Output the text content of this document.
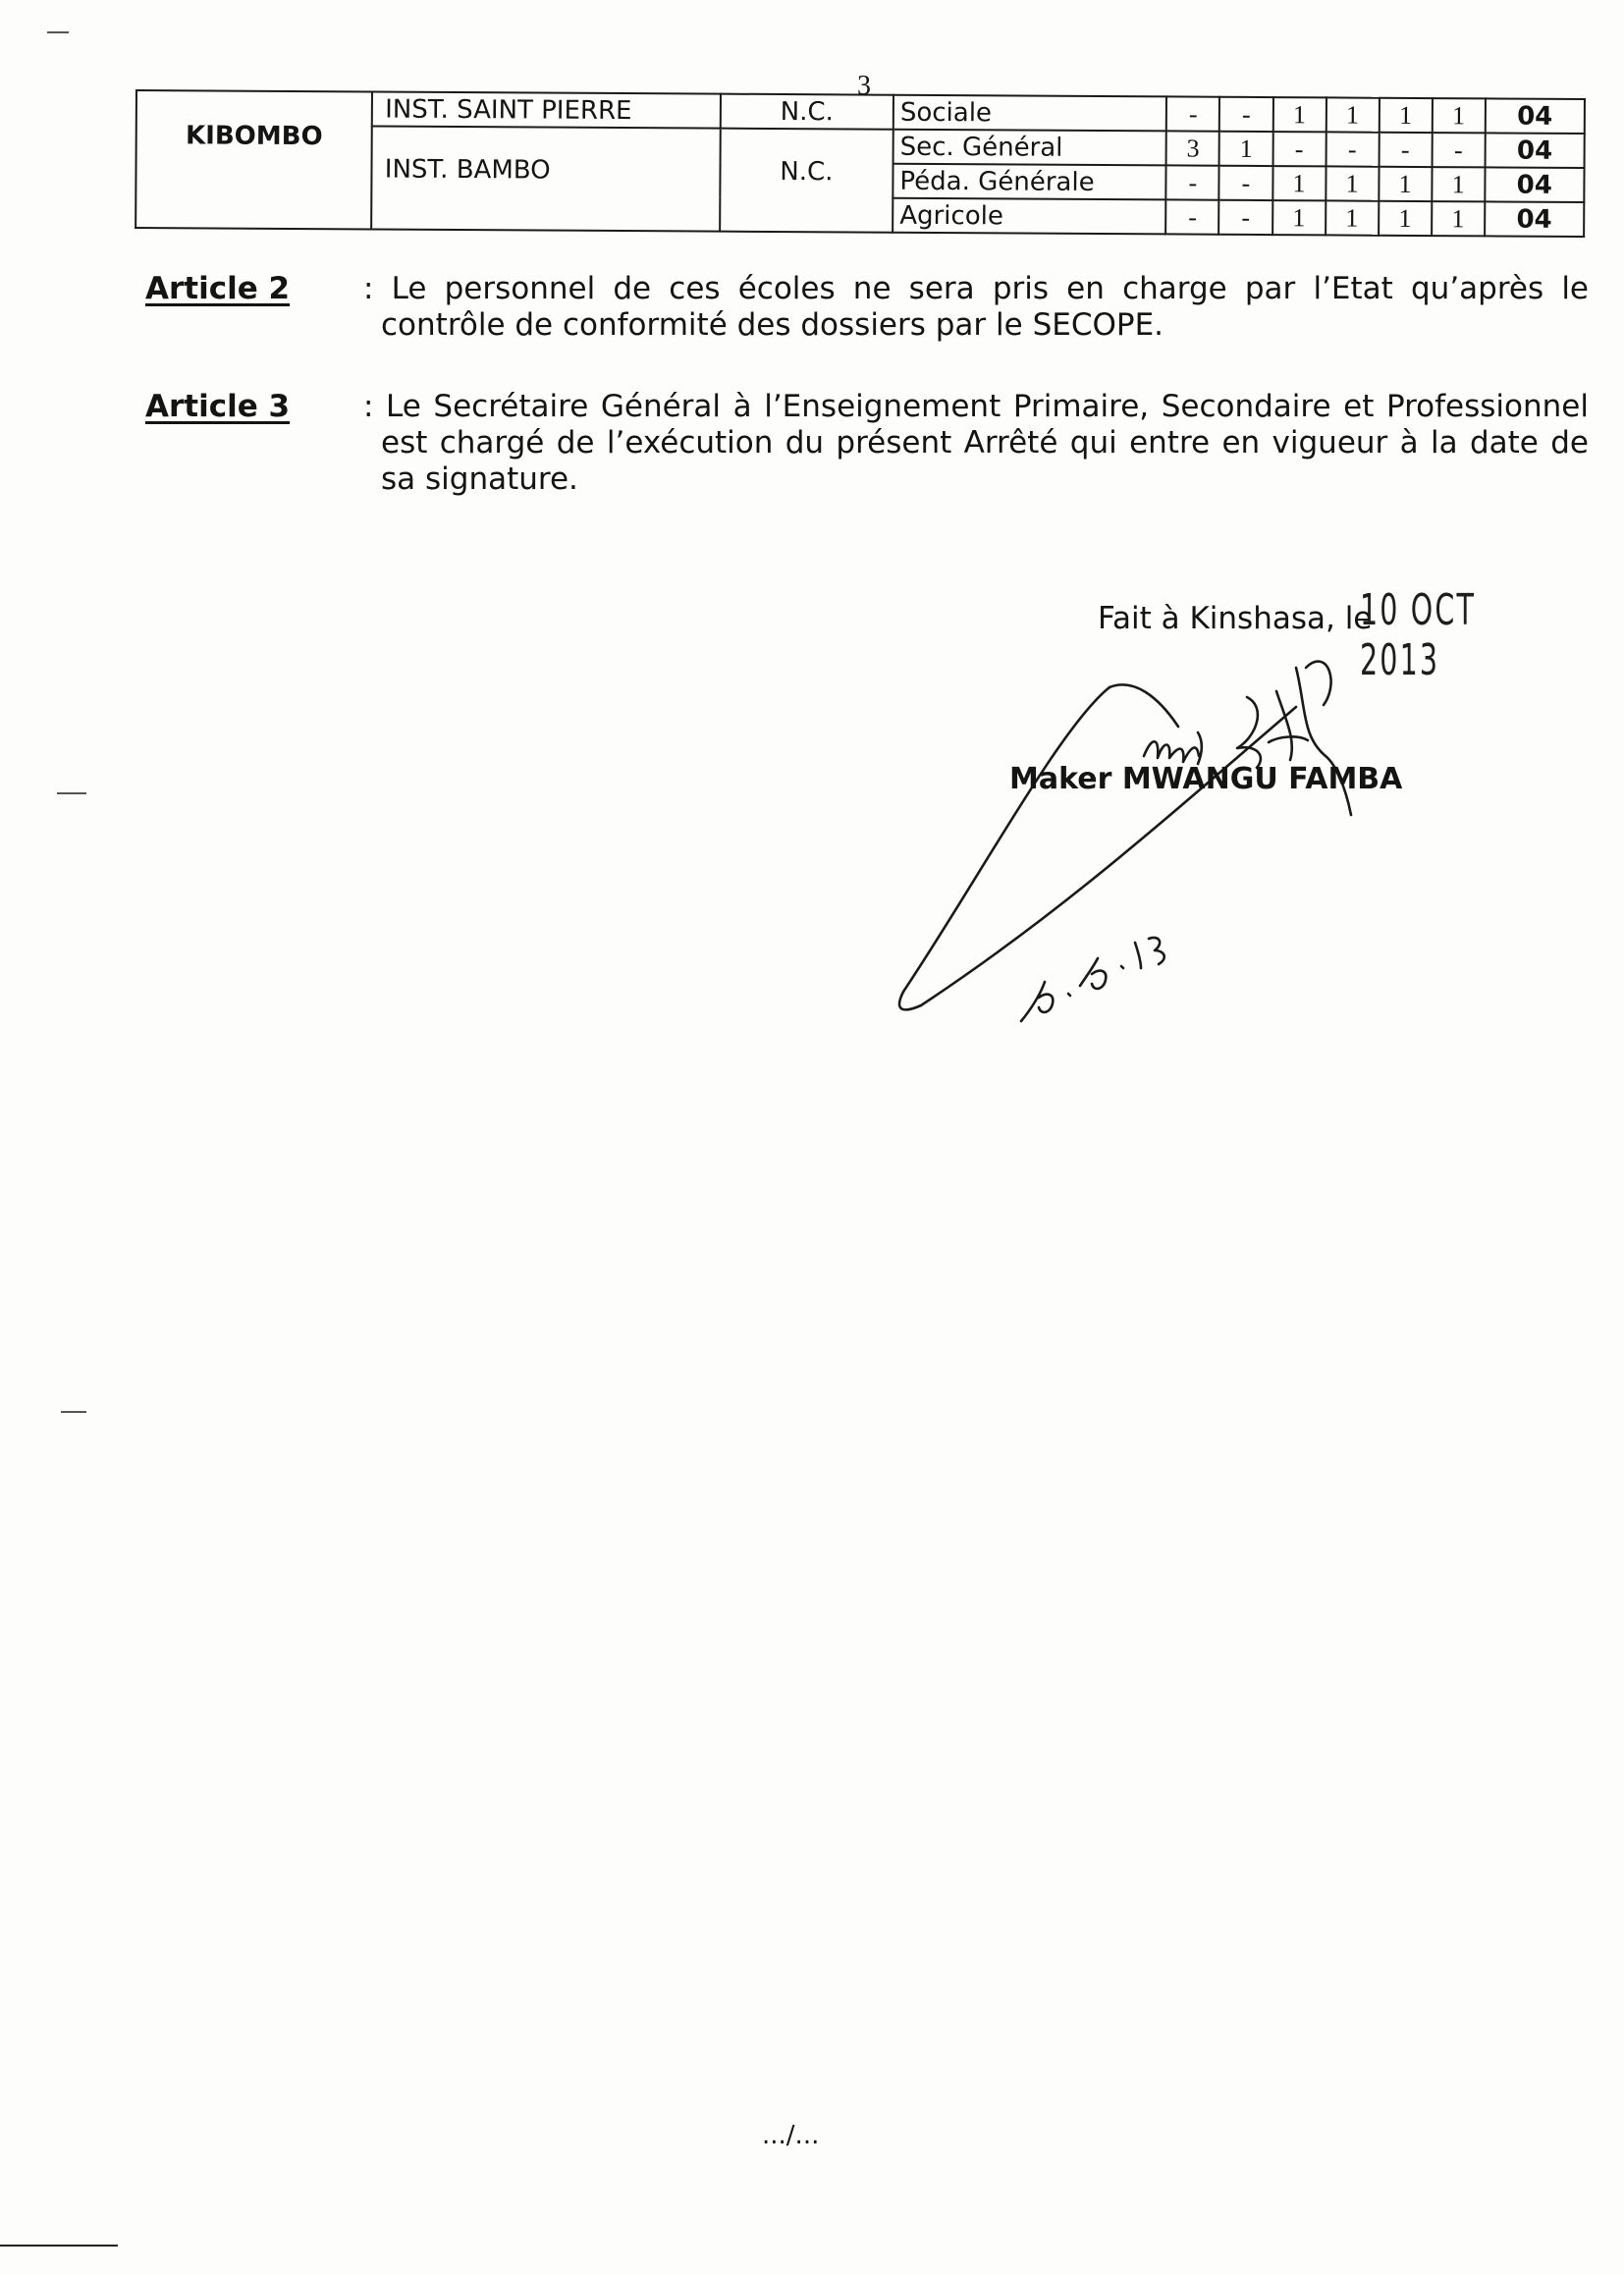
3
KIBOMBO	INST. SAINT PIERRE	N.C.	Sociale	-	-	1	1	1	1	04
	INST. BAMBO	N.C.	Sec. Général	3	1	-	-	-	-	04
			Péda. Générale	-	-	1	1	1	1	04
			Agricole	-	-	1	1	1	1	04
Article 2 : Le personnel de ces écoles ne sera pris en charge par l’Etat qu’après le contrôle de conformité des dossiers par le SECOPE.
Article 3 : Le Secrétaire Général à l’Enseignement Primaire, Secondaire et Professionnel est chargé de l’exécution du présent Arrêté qui entre en vigueur à la date de sa signature.
Fait à Kinshasa, le
10 OCT 2013
Maker MWANGU FAMBA
.../...
